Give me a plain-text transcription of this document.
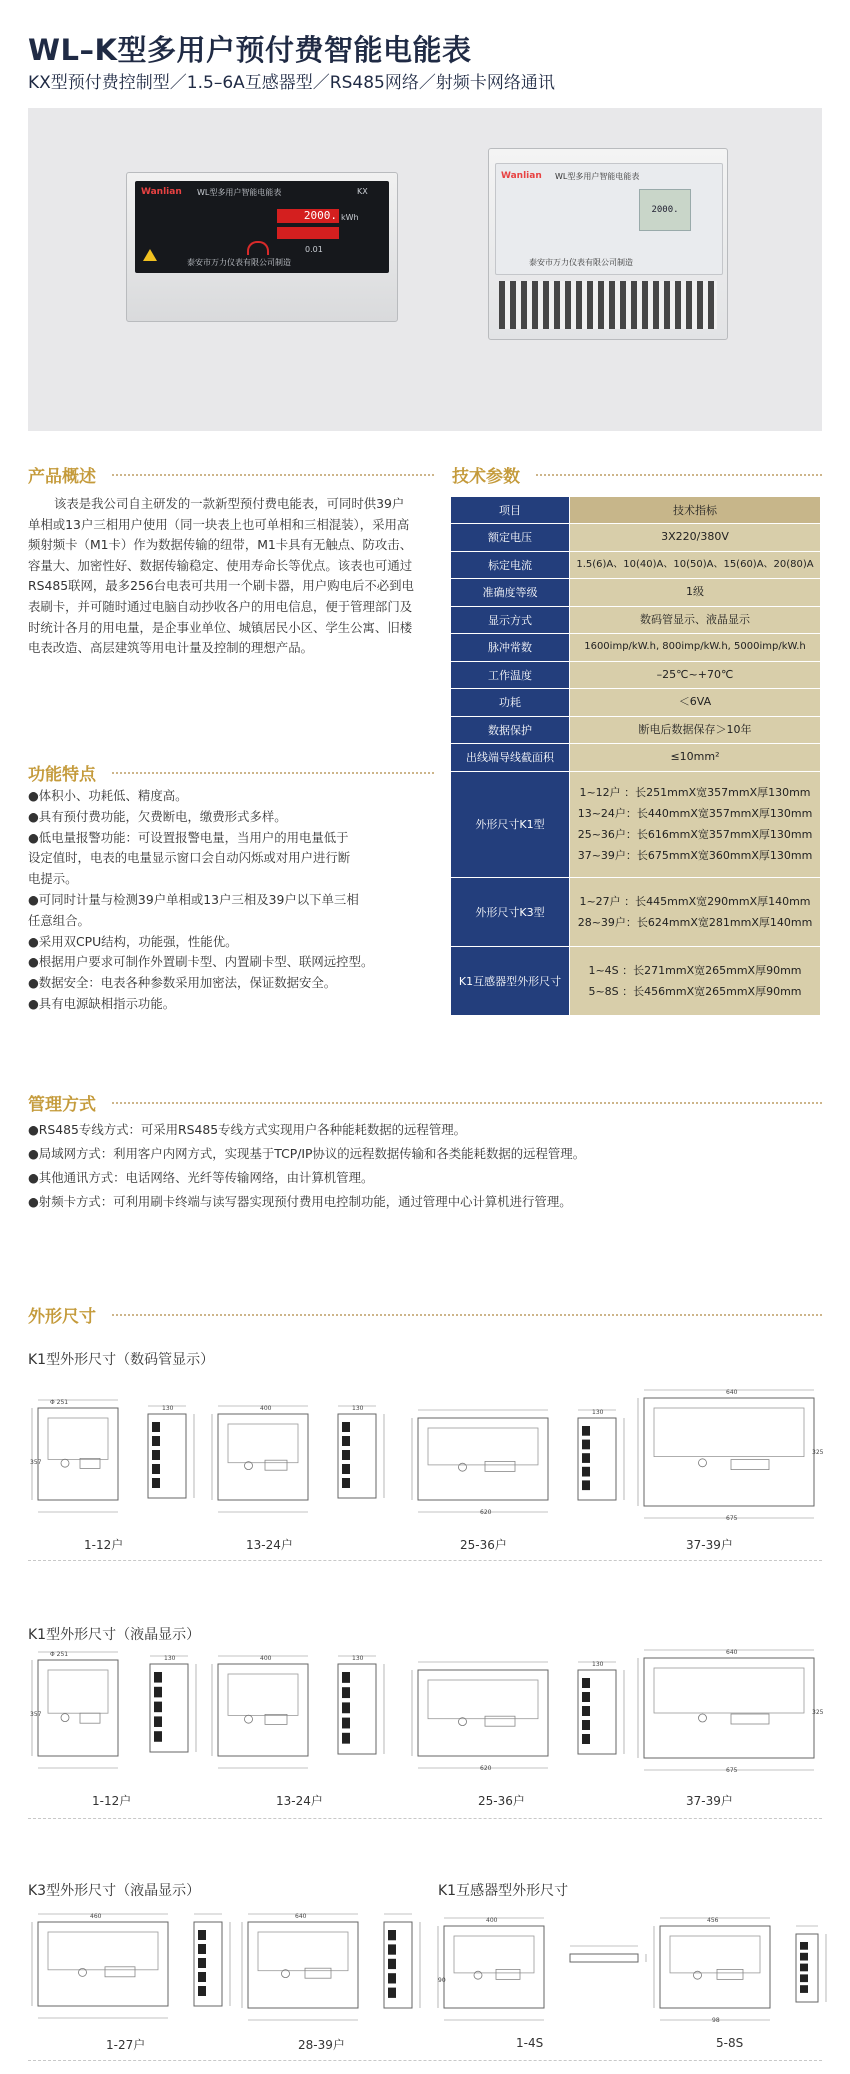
WL–K型多用户预付费智能电能表
KX型预付费控制型／1.5–6A互感器型／RS485网络／射频卡网络通讯
Wanlian WL型多用户智能电能表	KX
2000. kWh
0.01
泰安市万力仪表有限公司制造
Wanlian WL型多用户智能电能表
2000.
泰安市万力仪表有限公司制造
产品概述

该表是我公司自主研发的一款新型预付费电能表，可同时供39户单相或13户三相用户使用（同一块表上也可单相和三相混装），采用高频射频卡（M1卡）作为数据传输的纽带，M1卡具有无触点、防攻击、容量大、加密性好、数据传输稳定、使用寿命长等优点。该表也可通过RS485联网，最多256台电表可共用一个刷卡器，用户购电后不必到电表刷卡，并可随时通过电脑自动抄收各户的用电信息，便于管理部门及时统计各月的用电量，是企事业单位、城镇居民小区、学生公寓、旧楼电表改造、高层建筑等用电计量及控制的理想产品。

功能特点
●体积小、功耗低、精度高。
●具有预付费功能，欠费断电，缴费形式多样。
●低电量报警功能：可设置报警电量，当用户的用电量低于
设定值时，电表的电量显示窗口会自动闪烁或对用户进行断
电提示。
●可同时计量与检测39户单相或13户三相及39户以下单三相
任意组合。
●采用双CPU结构，功能强，性能优。
●根据用户要求可制作外置刷卡型、内置刷卡型、联网远控型。
●数据安全：电表各种参数采用加密法，保证数据安全。
●具有电源缺相指示功能。
技术参数
项目	技术指标
额定电压	3X220/380V

标定电流	1.5(6)A、10(40)A、10(50)A、15(60)A、20(80)A

准确度等级	1级

显示方式	数码管显示、液晶显示

脉冲常数	1600imp/kW.h, 800imp/kW.h, 5000imp/kW.h

工作温度	–25℃~+70℃

功耗	＜6VA

数据保护	断电后数据保存＞10年

出线端导线截面积	≤10mm²

外形尺寸K1型	1~12户 ：长251mmX宽357mmX厚130mm
13~24户：长440mmX宽357mmX厚130mm
25~36户：长616mmX宽357mmX厚130mm
37~39户：长675mmX宽360mmX厚130mm

外形尺寸K3型	1~27户 ：长445mmX宽290mmX厚140mm
28~39户：长624mmX宽281mmX厚140mm

K1互感器型外形尺寸	1~4S ：长271mmX宽265mmX厚90mm
5~8S ：长456mmX宽265mmX厚90mm
管理方式
●RS485专线方式：可采用RS485专线方式实现用户各种能耗数据的远程管理。
●局域网方式：利用客户内网方式，实现基于TCP/IP协议的远程数据传输和各类能耗数据的远程管理。
●其他通讯方式：电话网络、光纤等传输网络，由计算机管理。
●射频卡方式：可利用刷卡终端与读写器实现预付费用电控制功能，通过管理中心计算机进行管理。
外形尺寸
K1型外形尺寸（数码管显示）
K1型外形尺寸（液晶显示）
K3型外形尺寸（液晶显示）	K1互感器型外形尺寸
Φ 251
357
130	400	130
620
130
640
675
325
Φ 251
357
130	400	130
620
130
640
675
325
460	640
400
90
456
98
1-12户	13-24户	25-36户	37-39户
1-12户	13-24户	25-36户	37-39户
1-27户	28-39户	1-4S	5-8S
